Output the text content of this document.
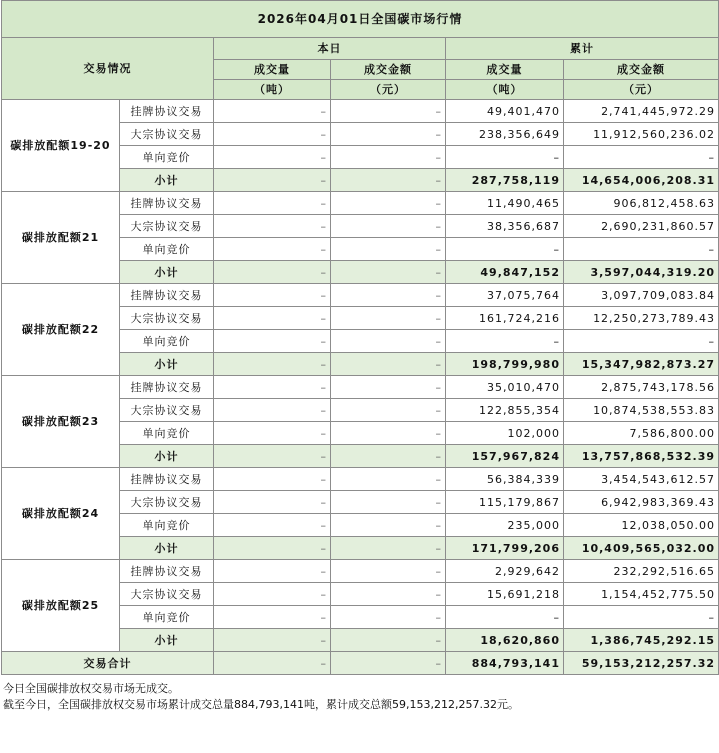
2026年04月01日全国碳市场行情					
交易情况		本日		累计	
		成交量	成交金额	成交量	成交金额
		（吨）	（元）	（吨）	（元）
碳排放配额19-20	挂牌协议交易	–	–	49,401,470	2,741,445,972.29
	大宗协议交易	–	–	238,356,649	11,912,560,236.02
	单向竞价	–	–	–	–
	小计	–	–	287,758,119	14,654,006,208.31
碳排放配额21	挂牌协议交易	–	–	11,490,465	906,812,458.63
	大宗协议交易	–	–	38,356,687	2,690,231,860.57
	单向竞价	–	–	–	–
	小计	–	–	49,847,152	3,597,044,319.20
碳排放配额22	挂牌协议交易	–	–	37,075,764	3,097,709,083.84
	大宗协议交易	–	–	161,724,216	12,250,273,789.43
	单向竞价	–	–	–	–
	小计	–	–	198,799,980	15,347,982,873.27
碳排放配额23	挂牌协议交易	–	–	35,010,470	2,875,743,178.56
	大宗协议交易	–	–	122,855,354	10,874,538,553.83
	单向竞价	–	–	102,000	7,586,800.00
	小计	–	–	157,967,824	13,757,868,532.39
碳排放配额24	挂牌协议交易	–	–	56,384,339	3,454,543,612.57
	大宗协议交易	–	–	115,179,867	6,942,983,369.43
	单向竞价	–	–	235,000	12,038,050.00
	小计	–	–	171,799,206	10,409,565,032.00
碳排放配额25	挂牌协议交易	–	–	2,929,642	232,292,516.65
	大宗协议交易	–	–	15,691,218	1,154,452,775.50
	单向竞价	–	–	–	–
	小计	–	–	18,620,860	1,386,745,292.15
交易合计		–	–	884,793,141	59,153,212,257.32
今日全国碳排放权交易市场无成交。
截至今日，全国碳排放权交易市场累计成交总量884,793,141吨，累计成交总额59,153,212,257.32元。
